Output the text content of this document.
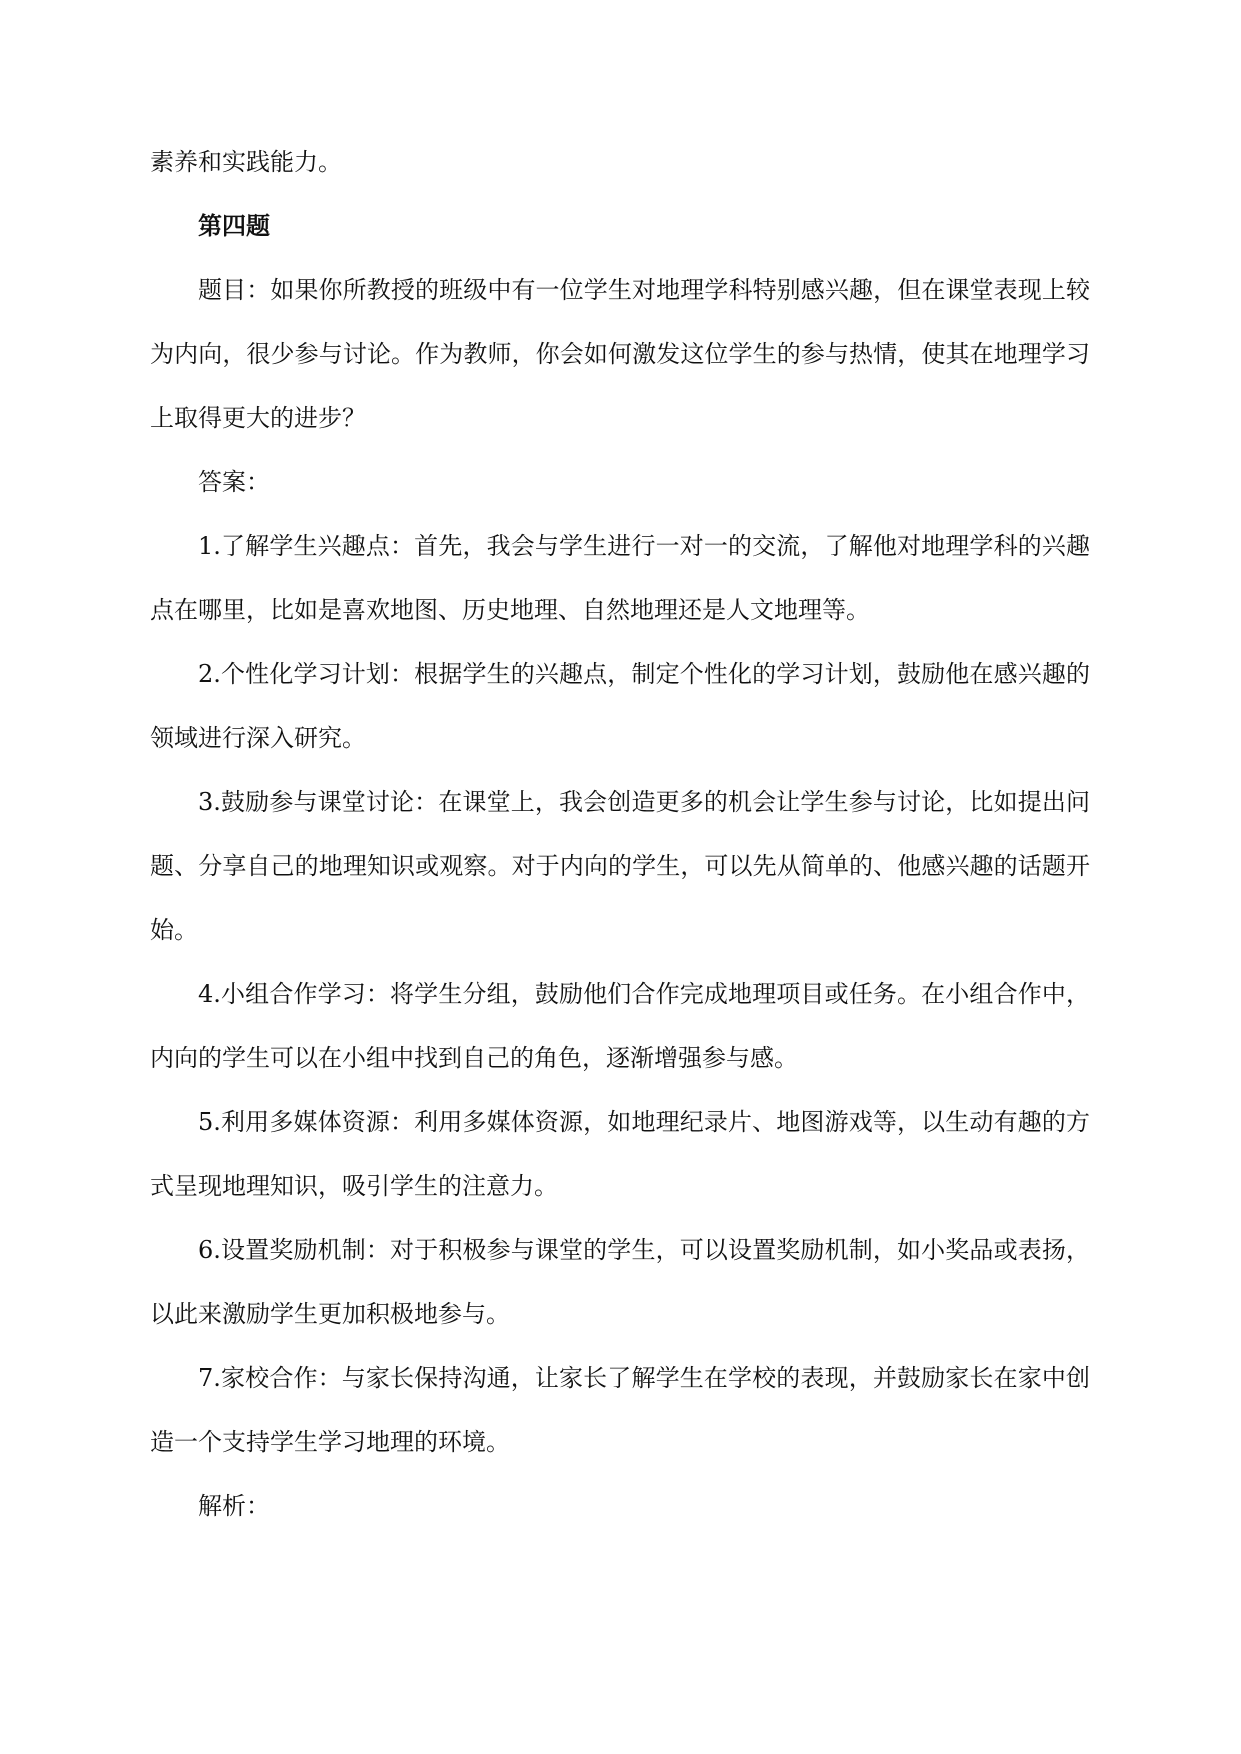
素养和实践能力。

第四题

题目：如果你所教授的班级中有一位学生对地理学科特别感兴趣，但在课堂表现上较为内向，很少参与讨论。作为教师，你会如何激发这位学生的参与热情，使其在地理学习上取得更大的进步？

答案：

1.了解学生兴趣点：首先，我会与学生进行一对一的交流，了解他对地理学科的兴趣点在哪里，比如是喜欢地图、历史地理、自然地理还是人文地理等。

2.个性化学习计划：根据学生的兴趣点，制定个性化的学习计划，鼓励他在感兴趣的领域进行深入研究。

3.鼓励参与课堂讨论：在课堂上，我会创造更多的机会让学生参与讨论，比如提出问题、分享自己的地理知识或观察。对于内向的学生，可以先从简单的、他感兴趣的话题开始。

4.小组合作学习：将学生分组，鼓励他们合作完成地理项目或任务。在小组合作中，内向的学生可以在小组中找到自己的角色，逐渐增强参与感。

5.利用多媒体资源：利用多媒体资源，如地理纪录片、地图游戏等，以生动有趣的方式呈现地理知识，吸引学生的注意力。

6.设置奖励机制：对于积极参与课堂的学生，可以设置奖励机制，如小奖品或表扬，以此来激励学生更加积极地参与。

7.家校合作：与家长保持沟通，让家长了解学生在学校的表现，并鼓励家长在家中创造一个支持学生学习地理的环境。

解析：
